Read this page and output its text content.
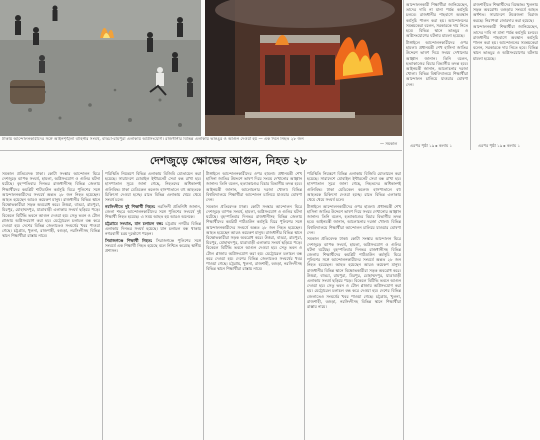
ঢাকায় আন্দোলনকারীদের সঙ্গে আইনশৃঙ্খলা বাহিনীর সংঘর্ষ, বাড্ডা-রামপুরা এলাকায় অগ্নিসংযোগ। রাজধানীর বিভিন্ন এলাকায় ভাঙচুর ও আগুন দেওয়া হয় — এক দিনে নিহত ২৮ জন
— সমকাল
দেশজুড়ে ক্ষোভের আগুন, নিহত ২৮

সমকাল প্রতিবেদক ঢাকা। কোটা সংস্কার আন্দোলন ঘিরে দেশজুড়ে ব্যাপক সংঘর্ষ, হামলা, অগ্নিসংযোগ ও গুলির ঘটনা ঘটেছে। বৃহস্পতিবার দিনভর রাজধানীসহ বিভিন্ন জেলায় শিক্ষার্থীদের কমপ্লিট শাটডাউন কর্মসূচি ঘিরে পুলিশের সঙ্গে আন্দোলনকারীদের সংঘর্ষে অন্তত ২৮ জন নিহত হয়েছেন। আহত হয়েছেন আরও কয়েকশ মানুষ। রাজধানীর বিভিন্ন স্থানে বিক্ষোভকারীরা সড়ক অবরোধ করে। উত্তরা, বাড্ডা, রামপুরা, মিরপুর, মোহাম্মদপুর, যাত্রাবাড়ী এলাকায় সংঘর্ষ ছড়িয়ে পড়ে। বিকেলে বিটিভি ভবনে আগুন দেওয়া হয়। সেতু ভবন ও টোল প্লাজায় অগ্নিসংযোগ করা হয়। মেট্রোরেল চলাচল বন্ধ করে দেওয়া হয়। দেশের বিভিন্ন জেলাতেও সংঘর্ষের খবর পাওয়া গেছে। চট্টগ্রাম, খুলনা, রাজশাহী, বগুড়া, নরসিংদীসহ বিভিন্ন স্থানে শিক্ষার্থীরা রাস্তায় নামে।

পরিস্থিতি নিয়ন্ত্রণে বিভিন্ন এলাকায় বিজিবি মোতায়েন করা হয়েছে। সারাদেশে মোবাইল ইন্টারনেট সেবা বন্ধ রাখা হয়। হাসপাতাল সূত্রে জানা গেছে, নিহতদের অধিকাংশই গুলিবিদ্ধ। ঢাকা মেডিকেল কলেজ হাসপাতালে বহু আহতকে চিকিৎসা দেওয়া হচ্ছে। রাতে বিভিন্ন এলাকায় থেমে থেমে সংঘর্ষ চলে।

নরসিংদীতে দুই শিক্ষার্থী নিহত: নরসিংদী প্রতিনিধি জানান, জেলা শহরে আন্দোলনকারীদের সঙ্গে পুলিশের সংঘর্ষে দুই শিক্ষার্থী নিহত হয়েছে। এ সময় আহত হয় আরও অনেকে।

চট্টগ্রামে সংঘাত, যান চলাচল বন্ধ: চট্টগ্রাম নগরীর বিভিন্ন এলাকায় দিনভর সংঘর্ষ হয়েছে। যান চলাচল বন্ধ থাকায় নগরবাসী চরম দুর্ভোগে পড়েন।

সিরাজগঞ্জে শিক্ষার্থী নিহত: সিরাজগঞ্জে পুলিশের সঙ্গে সংঘর্ষে এক শিক্ষার্থী নিহত হয়েছে বলে নিশ্চিত করেছে স্থানীয় প্রশাসন।

টাঙ্গাইলে আন্দোলনকারীদের ওপর হামলা। প্রধানমন্ত্রী শেখ হাসিনা জাতির উদ্দেশে ভাষণ দিয়ে সংযম দেখানোর আহ্বান জানান। তিনি বলেন, হত্যাকাণ্ডের বিচার বিভাগীয় তদন্ত হবে। আইনমন্ত্রী জানান, আলোচনার দরজা খোলা। বিভিন্ন বিশ্ববিদ্যালয়ে শিক্ষার্থীরা আন্দোলন চালিয়ে যাওয়ার ঘোষণা দেন।

সমকাল প্রতিবেদক ঢাকা। কোটা সংস্কার আন্দোলন ঘিরে দেশজুড়ে ব্যাপক সংঘর্ষ, হামলা, অগ্নিসংযোগ ও গুলির ঘটনা ঘটেছে। বৃহস্পতিবার দিনভর রাজধানীসহ বিভিন্ন জেলায় শিক্ষার্থীদের কমপ্লিট শাটডাউন কর্মসূচি ঘিরে পুলিশের সঙ্গে আন্দোলনকারীদের সংঘর্ষে অন্তত ২৮ জন নিহত হয়েছেন। আহত হয়েছেন আরও কয়েকশ মানুষ। রাজধানীর বিভিন্ন স্থানে বিক্ষোভকারীরা সড়ক অবরোধ করে। উত্তরা, বাড্ডা, রামপুরা, মিরপুর, মোহাম্মদপুর, যাত্রাবাড়ী এলাকায় সংঘর্ষ ছড়িয়ে পড়ে। বিকেলে বিটিভি ভবনে আগুন দেওয়া হয়। সেতু ভবন ও টোল প্লাজায় অগ্নিসংযোগ করা হয়। মেট্রোরেল চলাচল বন্ধ করে দেওয়া হয়। দেশের বিভিন্ন জেলাতেও সংঘর্ষের খবর পাওয়া গেছে। চট্টগ্রাম, খুলনা, রাজশাহী, বগুড়া, নরসিংদীসহ বিভিন্ন স্থানে শিক্ষার্থীরা রাস্তায় নামে।

পরিস্থিতি নিয়ন্ত্রণে বিভিন্ন এলাকায় বিজিবি মোতায়েন করা হয়েছে। সারাদেশে মোবাইল ইন্টারনেট সেবা বন্ধ রাখা হয়। হাসপাতাল সূত্রে জানা গেছে, নিহতদের অধিকাংশই গুলিবিদ্ধ। ঢাকা মেডিকেল কলেজ হাসপাতালে বহু আহতকে চিকিৎসা দেওয়া হচ্ছে। রাতে বিভিন্ন এলাকায় থেমে থেমে সংঘর্ষ চলে।

টাঙ্গাইলে আন্দোলনকারীদের ওপর হামলা। প্রধানমন্ত্রী শেখ হাসিনা জাতির উদ্দেশে ভাষণ দিয়ে সংযম দেখানোর আহ্বান জানান। তিনি বলেন, হত্যাকাণ্ডের বিচার বিভাগীয় তদন্ত হবে। আইনমন্ত্রী জানান, আলোচনার দরজা খোলা। বিভিন্ন বিশ্ববিদ্যালয়ে শিক্ষার্থীরা আন্দোলন চালিয়ে যাওয়ার ঘোষণা দেন।

সমকাল প্রতিবেদক ঢাকা। কোটা সংস্কার আন্দোলন ঘিরে দেশজুড়ে ব্যাপক সংঘর্ষ, হামলা, অগ্নিসংযোগ ও গুলির ঘটনা ঘটেছে। বৃহস্পতিবার দিনভর রাজধানীসহ বিভিন্ন জেলায় শিক্ষার্থীদের কমপ্লিট শাটডাউন কর্মসূচি ঘিরে পুলিশের সঙ্গে আন্দোলনকারীদের সংঘর্ষে অন্তত ২৮ জন নিহত হয়েছেন। আহত হয়েছেন আরও কয়েকশ মানুষ। রাজধানীর বিভিন্ন স্থানে বিক্ষোভকারীরা সড়ক অবরোধ করে। উত্তরা, বাড্ডা, রামপুরা, মিরপুর, মোহাম্মদপুর, যাত্রাবাড়ী এলাকায় সংঘর্ষ ছড়িয়ে পড়ে। বিকেলে বিটিভি ভবনে আগুন দেওয়া হয়। সেতু ভবন ও টোল প্লাজায় অগ্নিসংযোগ করা হয়। মেট্রোরেল চলাচল বন্ধ করে দেওয়া হয়। দেশের বিভিন্ন জেলাতেও সংঘর্ষের খবর পাওয়া গেছে। চট্টগ্রাম, খুলনা, রাজশাহী, বগুড়া, নরসিংদীসহ বিভিন্ন স্থানে শিক্ষার্থীরা রাস্তায় নামে।

আন্দোলনকারী শিক্ষার্থীরা জানিয়েছেন, তাদের দাবি না মানা পর্যন্ত কর্মসূচি চলবে। রাজধানীর শাহবাগে অবস্থান কর্মসূচি পালন করা হয়। আন্দোলনের সমন্বয়কেরা বলেন, সরকারকে দায় নিতে হবে। বিভিন্ন স্থানে ভাঙচুর ও অগ্নিসংযোগের ঘটনায় মামলা হয়েছে।

টাঙ্গাইলে আন্দোলনকারীদের ওপর হামলা। প্রধানমন্ত্রী শেখ হাসিনা জাতির উদ্দেশে ভাষণ দিয়ে সংযম দেখানোর আহ্বান জানান। তিনি বলেন, হত্যাকাণ্ডের বিচার বিভাগীয় তদন্ত হবে। আইনমন্ত্রী জানান, আলোচনার দরজা খোলা। বিভিন্ন বিশ্ববিদ্যালয়ে শিক্ষার্থীরা আন্দোলন চালিয়ে যাওয়ার ঘোষণা দেন।

এরপর পৃষ্ঠা ১৯ ▸ কলাম ১

রাজশাহীতে শিক্ষার্থীদের বিক্ষোভ। খুলনায় সড়ক অবরোধ। বগুড়ায় সংঘর্ষে আহত অর্ধশত। সারাদেশে উত্তেজনা বিরাজ করছে। নিরাপত্তা জোরদার করা হয়েছে।

আন্দোলনকারী শিক্ষার্থীরা জানিয়েছেন, তাদের দাবি না মানা পর্যন্ত কর্মসূচি চলবে। রাজধানীর শাহবাগে অবস্থান কর্মসূচি পালন করা হয়। আন্দোলনের সমন্বয়কেরা বলেন, সরকারকে দায় নিতে হবে। বিভিন্ন স্থানে ভাঙচুর ও অগ্নিসংযোগের ঘটনায় মামলা হয়েছে।

এরপর পৃষ্ঠা ১৯ ▸ কলাম ১
